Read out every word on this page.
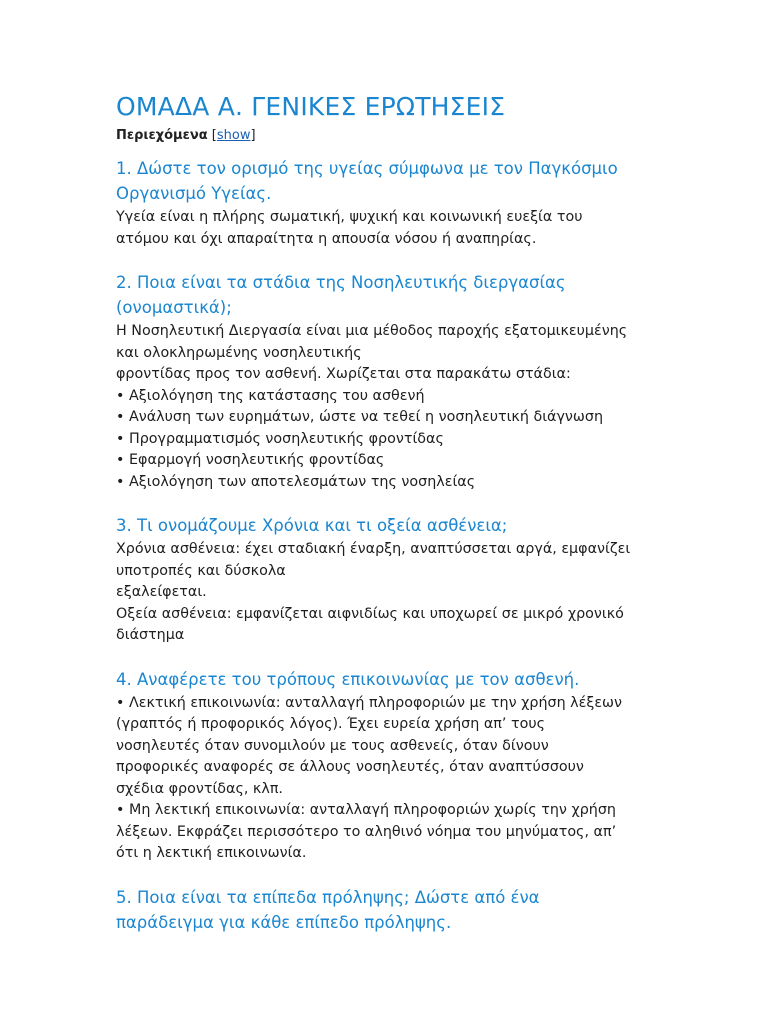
ΟΜΑΔΑ Α. ΓΕΝΙΚΕΣ ΕΡΩΤΗΣΕΙΣ
Περιεχόμενα [show]
1. Δώστε τον ορισμό της υγείας σύμφωνα με τον Παγκόσμιο
Οργανισμό Υγείας.

Υγεία είναι η πλήρης σωματική, ψυχική και κοινωνική ευεξία του
ατόμου και όχι απαραίτητα η απουσία νόσου ή αναπηρίας.

2. Ποια είναι τα στάδια της Νοσηλευτικής διεργασίας
(ονομαστικά);

Η Νοσηλευτική Διεργασία είναι μια μέθοδος παροχής εξατομικευμένης
και ολοκληρωμένης νοσηλευτικής
φροντίδας προς τον ασθενή. Χωρίζεται στα παρακάτω στάδια:
• Αξιολόγηση της κατάστασης του ασθενή
• Ανάλυση των ευρημάτων, ώστε να τεθεί η νοσηλευτική διάγνωση
• Προγραμματισμός νοσηλευτικής φροντίδας
• Εφαρμογή νοσηλευτικής φροντίδας
• Αξιολόγηση των αποτελεσμάτων της νοσηλείας

3. Τι ονομάζουμε Χρόνια και τι οξεία ασθένεια;

Χρόνια ασθένεια: έχει σταδιακή έναρξη, αναπτύσσεται αργά, εμφανίζει
υποτροπές και δύσκολα
εξαλείφεται.
Οξεία ασθένεια: εμφανίζεται αιφνιδίως και υποχωρεί σε μικρό χρονικό
διάστημα

4. Αναφέρετε του τρόπους επικοινωνίας με τον ασθενή.

• Λεκτική επικοινωνία: ανταλλαγή πληροφοριών με την χρήση λέξεων
(γραπτός ή προφορικός λόγος). Έχει ευρεία χρήση απ’ τους
νοσηλευτές όταν συνομιλούν με τους ασθενείς, όταν δίνουν
προφορικές αναφορές σε άλλους νοσηλευτές, όταν αναπτύσσουν
σχέδια φροντίδας, κλπ.
• Μη λεκτική επικοινωνία: ανταλλαγή πληροφοριών χωρίς την χρήση
λέξεων. Εκφράζει περισσότερο το αληθινό νόημα του μηνύματος, απ’
ότι η λεκτική επικοινωνία.

5. Ποια είναι τα επίπεδα πρόληψης; Δώστε από ένα
παράδειγμα για κάθε επίπεδο πρόληψης.
